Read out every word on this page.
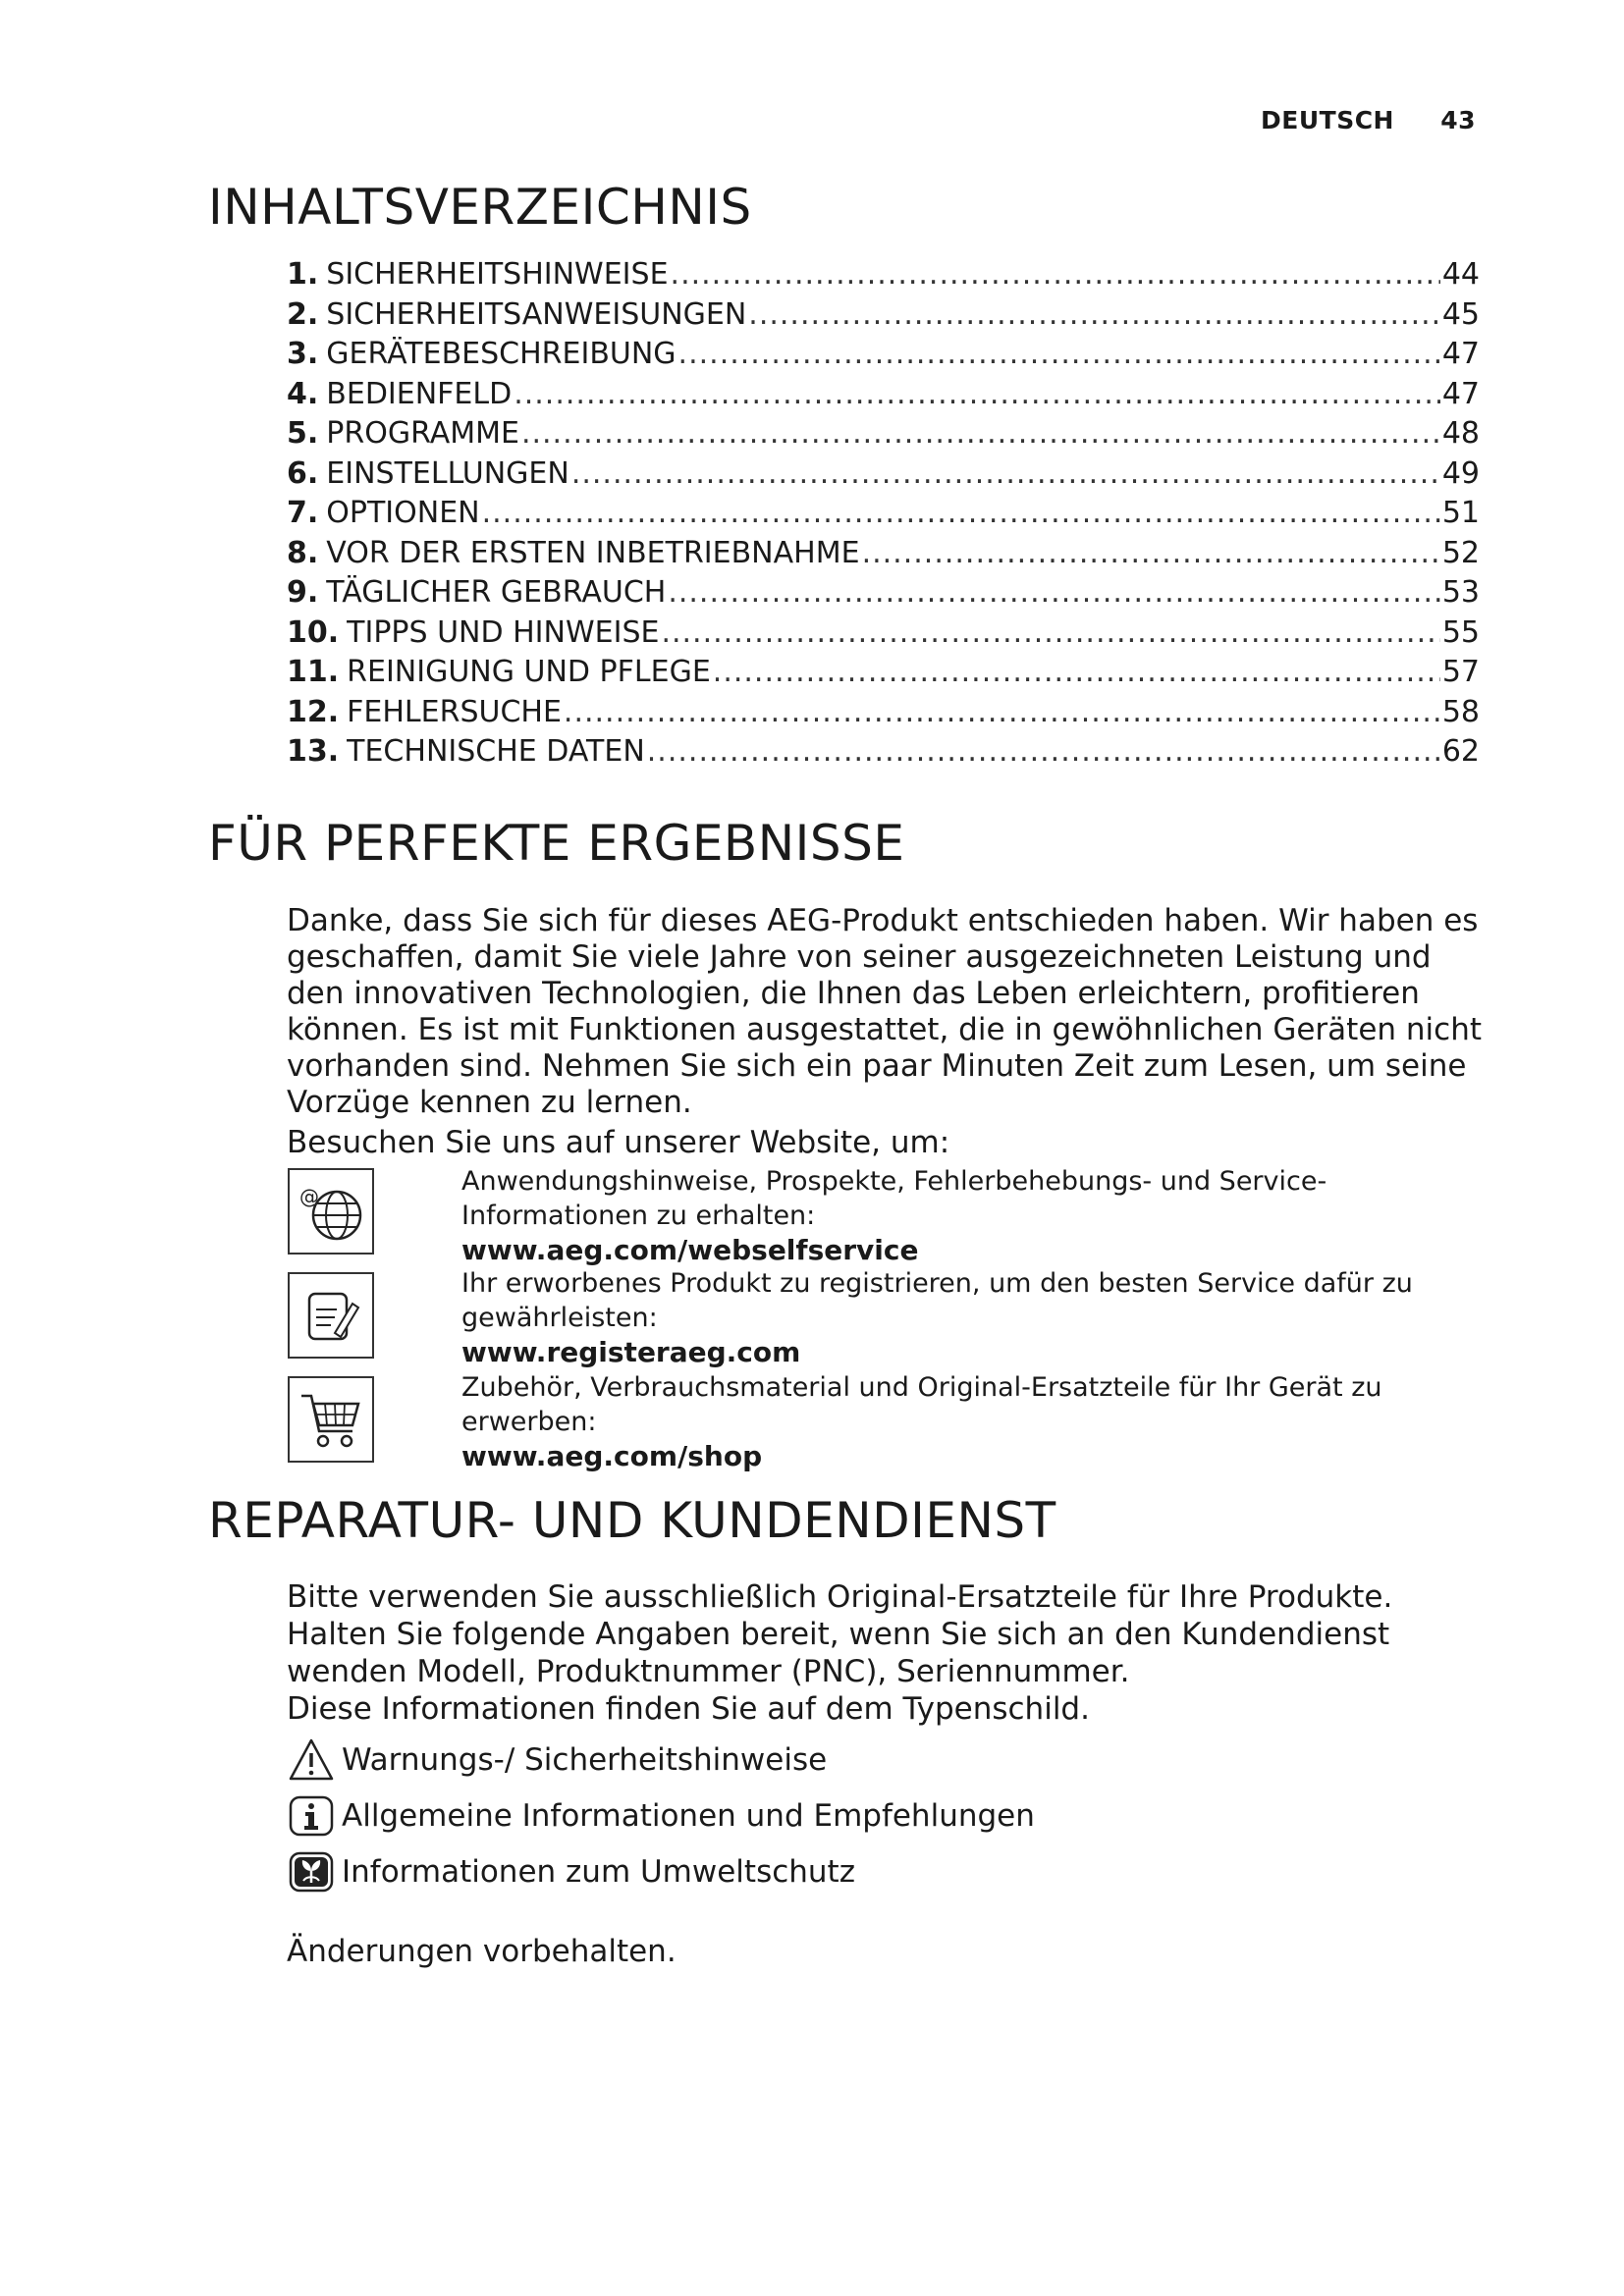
DEUTSCH 43
INHALTSVERZEICHNIS
1. SICHERHEITSHINWEISE .....	44
2. SICHERHEITSANWEISUNGEN .....	45
3. GERÄTEBESCHREIBUNG .....	47
4. BEDIENFELD .....	47
5. PROGRAMME .....	48
6. EINSTELLUNGEN .....	49
7. OPTIONEN .....	51
8. VOR DER ERSTEN INBETRIEBNAHME .....	52
9. TÄGLICHER GEBRAUCH .....	53
10. TIPPS UND HINWEISE .....	55
11. REINIGUNG UND PFLEGE .....	57
12. FEHLERSUCHE .....	58
13. TECHNISCHE DATEN .....	62
FÜR PERFEKTE ERGEBNISSE
Danke, dass Sie sich für dieses AEG-Produkt entschieden haben. Wir haben es geschaffen, damit Sie viele Jahre von seiner ausgezeichneten Leistung und den innovativen Technologien, die Ihnen das Leben erleichtern, profitieren können. Es ist mit Funktionen ausgestattet, die in gewöhnlichen Geräten nicht vorhanden sind. Nehmen Sie sich ein paar Minuten Zeit zum Lesen, um seine Vorzüge kennen zu lernen.
Besuchen Sie uns auf unserer Website, um:
@	Anwendungshinweise, Prospekte, Fehlerbehebungs- und Service-Informationen zu erhalten:
www.aeg.com/webselfservice
Ihr erworbenes Produkt zu registrieren, um den besten Service dafür zu gewährleisten:
www.registeraeg.com
Zubehör, Verbrauchsmaterial und Original-Ersatzteile für Ihr Gerät zu erwerben:
www.aeg.com/shop
REPARATUR- UND KUNDENDIENST
Bitte verwenden Sie ausschließlich Original-Ersatzteile für Ihre Produkte.
Halten Sie folgende Angaben bereit, wenn Sie sich an den Kundendienst wenden Modell, Produktnummer (PNC), Seriennummer.
Diese Informationen finden Sie auf dem Typenschild.
Warnungs-/ Sicherheitshinweise
Allgemeine Informationen und Empfehlungen
Informationen zum Umweltschutz
Änderungen vorbehalten.
